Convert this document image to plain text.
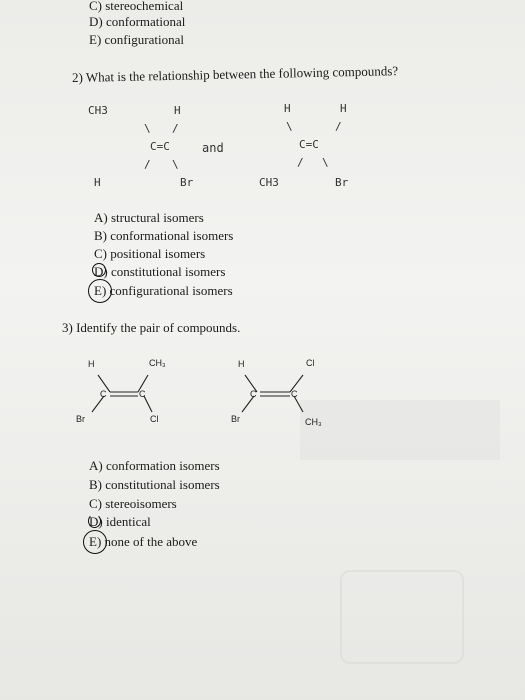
C) stereochemical
D) conformational
E) configurational
2) What is the relationship between the following compounds?
CH3	H
\ /
C=C
/ \
H	Br
and
H	H
\	/
C=C
/ \
CH3	Br
A) structural isomers
B) conformational isomers
C) positional isomers
D) constitutional isomers
E) configurational isomers
3) Identify the pair of compounds.
H	CH₃
C	C
Br	Cl
H	Cl
C	C
Br	CH₃
A) conformation isomers
B) constitutional isomers
C) stereoisomers
D) identical
E) none of the above
